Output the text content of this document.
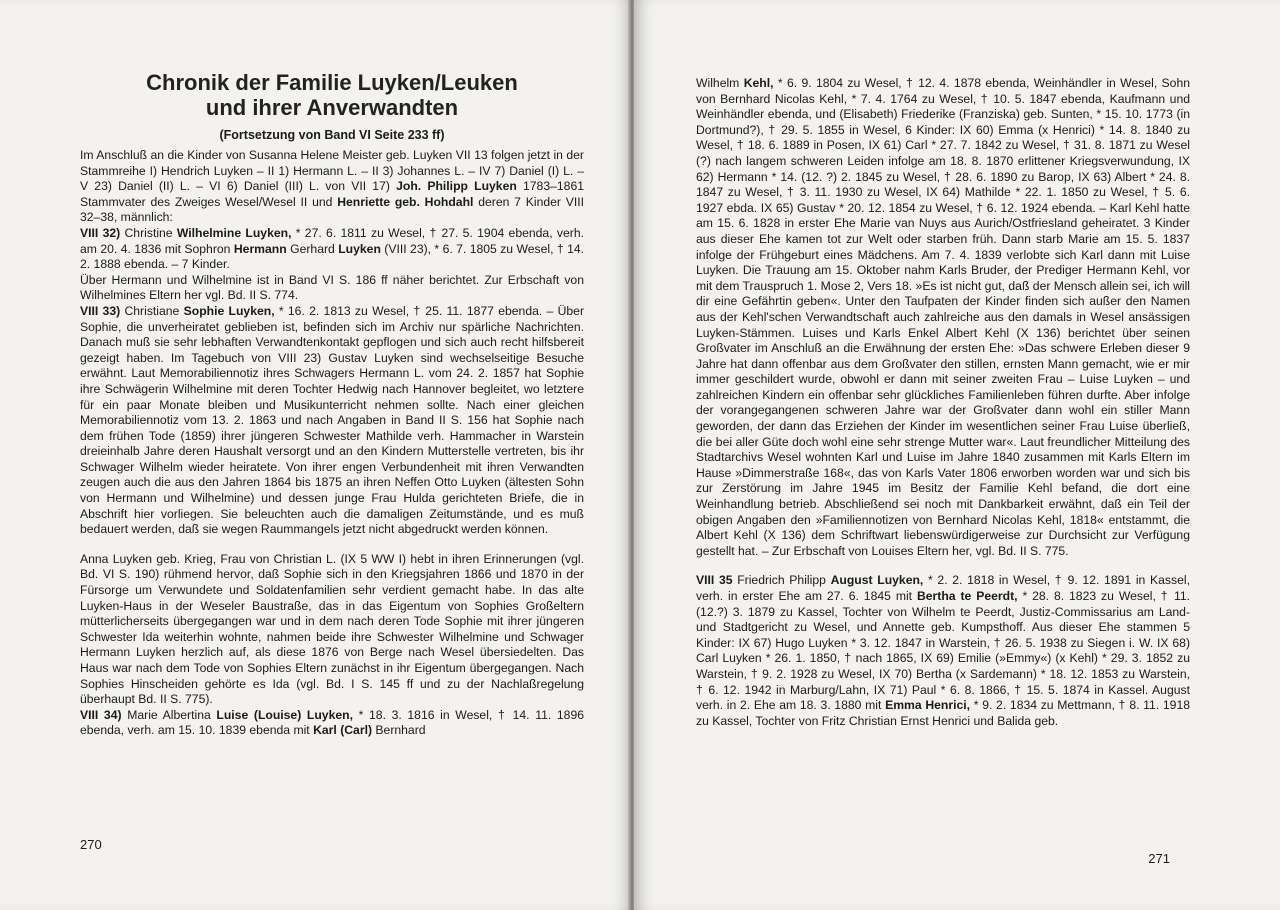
Chronik der Familie Luyken/Leuken
und ihrer Anverwandten
(Fortsetzung von Band VI Seite 233 ff)

Im Anschluß an die Kinder von Susanna Helene Meister geb. Luyken VII 13 folgen jetzt in der Stammreihe I) Hendrich Luyken – II 1) Hermann L. – II 3) Johannes L. – IV 7) Daniel (I) L. – V 23) Daniel (II) L. – VI 6) Daniel (III) L. von VII 17) Joh. Philipp Luyken 1783–1861 Stammvater des Zweiges Wesel/Wesel II und Henriette geb. Hohdahl deren 7 Kinder VIII 32–38, männlich:

VIII 32) Christine Wilhelmine Luyken, * 27. 6. 1811 zu Wesel, † 27. 5. 1904 ebenda, verh. am 20. 4. 1836 mit Sophron Hermann Gerhard Luyken (VIII 23), * 6. 7. 1805 zu Wesel, † 14. 2. 1888 ebenda. – 7 Kinder.

Über Hermann und Wilhelmine ist in Band VI S. 186 ff näher berichtet. Zur Erbschaft von Wilhelmines Eltern her vgl. Bd. II S. 774.

VIII 33) Christiane Sophie Luyken, * 16. 2. 1813 zu Wesel, † 25. 11. 1877 ebenda. – Über Sophie, die unverheiratet geblieben ist, befinden sich im Archiv nur spärliche Nachrichten. Danach muß sie sehr lebhaften Verwandtenkontakt gepflogen und sich auch recht hilfsbereit gezeigt haben. Im Tagebuch von VIII 23) Gustav Luyken sind wechselseitige Besuche erwähnt. Laut Memorabiliennotiz ihres Schwagers Hermann L. vom 24. 2. 1857 hat Sophie ihre Schwägerin Wilhelmine mit deren Tochter Hedwig nach Hannover begleitet, wo letztere für ein paar Monate bleiben und Musikunterricht nehmen sollte. Nach einer gleichen Memorabiliennotiz vom 13. 2. 1863 und nach Angaben in Band II S. 156 hat Sophie nach dem frühen Tode (1859) ihrer jüngeren Schwester Mathilde verh. Hammacher in Warstein dreieinhalb Jahre deren Haushalt versorgt und an den Kindern Mutterstelle vertreten, bis ihr Schwager Wilhelm wieder heiratete. Von ihrer engen Verbundenheit mit ihren Verwandten zeugen auch die aus den Jahren 1864 bis 1875 an ihren Neffen Otto Luyken (ältesten Sohn von Hermann und Wilhelmine) und dessen junge Frau Hulda gerichteten Briefe, die in Abschrift hier vorliegen. Sie beleuchten auch die damaligen Zeitumstände, und es muß bedauert werden, daß sie wegen Raummangels jetzt nicht abgedruckt werden können.

Anna Luyken geb. Krieg, Frau von Christian L. (IX 5 WW I) hebt in ihren Erinnerungen (vgl. Bd. VI S. 190) rühmend hervor, daß Sophie sich in den Kriegsjahren 1866 und 1870 in der Fürsorge um Verwundete und Soldatenfamilien sehr verdient gemacht habe. In das alte Luyken-Haus in der Weseler Baustraße, das in das Eigentum von Sophies Großeltern mütterlicherseits übergegangen war und in dem nach deren Tode Sophie mit ihrer jüngeren Schwester Ida weiterhin wohnte, nahmen beide ihre Schwester Wilhelmine und Schwager Hermann Luyken herzlich auf, als diese 1876 von Berge nach Wesel übersiedelten. Das Haus war nach dem Tode von Sophies Eltern zunächst in ihr Eigentum übergegangen. Nach Sophies Hinscheiden gehörte es Ida (vgl. Bd. I S. 145 ff und zu der Nachlaßregelung überhaupt Bd. II S. 775).

VIII 34) Marie Albertina Luise (Louise) Luyken, * 18. 3. 1816 in Wesel, † 14. 11. 1896 ebenda, verh. am 15. 10. 1839 ebenda mit Karl (Carl) Bernhard

270

Wilhelm Kehl, * 6. 9. 1804 zu Wesel, † 12. 4. 1878 ebenda, Weinhändler in Wesel, Sohn von Bernhard Nicolas Kehl, * 7. 4. 1764 zu Wesel, † 10. 5. 1847 ebenda, Kaufmann und Weinhändler ebenda, und (Elisabeth) Friederike (Franziska) geb. Sunten, * 15. 10. 1773 (in Dortmund?), † 29. 5. 1855 in Wesel, 6 Kinder: IX 60) Emma (x Henrici) * 14. 8. 1840 zu Wesel, † 18. 6. 1889 in Posen, IX 61) Carl * 27. 7. 1842 zu Wesel, † 31. 8. 1871 zu Wesel (?) nach langem schweren Leiden infolge am 18. 8. 1870 erlittener Kriegsverwundung, IX 62) Hermann * 14. (12. ?) 2. 1845 zu Wesel, † 28. 6. 1890 zu Barop, IX 63) Albert * 24. 8. 1847 zu Wesel, † 3. 11. 1930 zu Wesel, IX 64) Mathilde * 22. 1. 1850 zu Wesel, † 5. 6. 1927 ebda. IX 65) Gustav * 20. 12. 1854 zu Wesel, † 6. 12. 1924 ebenda. – Karl Kehl hatte am 15. 6. 1828 in erster Ehe Marie van Nuys aus Aurich/Ostfriesland geheiratet. 3 Kinder aus dieser Ehe kamen tot zur Welt oder starben früh. Dann starb Marie am 15. 5. 1837 infolge der Frühgeburt eines Mädchens. Am 7. 4. 1839 verlobte sich Karl dann mit Luise Luyken. Die Trauung am 15. Oktober nahm Karls Bruder, der Prediger Hermann Kehl, vor mit dem Trauspruch 1. Mose 2, Vers 18. »Es ist nicht gut, daß der Mensch allein sei, ich will dir eine Gefährtin geben«. Unter den Taufpaten der Kinder finden sich außer den Namen aus der Kehl'schen Verwandtschaft auch zahlreiche aus den damals in Wesel ansässigen Luyken-Stämmen. Luises und Karls Enkel Albert Kehl (X 136) berichtet über seinen Großvater im Anschluß an die Erwähnung der ersten Ehe: »Das schwere Erleben dieser 9 Jahre hat dann offenbar aus dem Großvater den stillen, ernsten Mann gemacht, wie er mir immer geschildert wurde, obwohl er dann mit seiner zweiten Frau – Luise Luyken – und zahlreichen Kindern ein offenbar sehr glückliches Familienleben führen durfte. Aber infolge der vorangegangenen schweren Jahre war der Großvater dann wohl ein stiller Mann geworden, der dann das Erziehen der Kinder im wesentlichen seiner Frau Luise überließ, die bei aller Güte doch wohl eine sehr strenge Mutter war«. Laut freundlicher Mitteilung des Stadtarchivs Wesel wohnten Karl und Luise im Jahre 1840 zusammen mit Karls Eltern im Hause »Dimmerstraße 168«, das von Karls Vater 1806 erworben worden war und sich bis zur Zerstörung im Jahre 1945 im Besitz der Familie Kehl befand, die dort eine Weinhandlung betrieb. Abschließend sei noch mit Dankbarkeit erwähnt, daß ein Teil der obigen Angaben den »Familiennotizen von Bernhard Nicolas Kehl, 1818« entstammt, die Albert Kehl (X 136) dem Schriftwart liebenswürdigerweise zur Durchsicht zur Verfügung gestellt hat. – Zur Erbschaft von Louises Eltern her, vgl. Bd. II S. 775.

VIII 35 Friedrich Philipp August Luyken, * 2. 2. 1818 in Wesel, † 9. 12. 1891 in Kassel, verh. in erster Ehe am 27. 6. 1845 mit Bertha te Peerdt, * 28. 8. 1823 zu Wesel, † 11. (12.?) 3. 1879 zu Kassel, Tochter von Wilhelm te Peerdt, Justiz-Commissarius am Land- und Stadtgericht zu Wesel, und Annette geb. Kumpsthoff. Aus dieser Ehe stammen 5 Kinder: IX 67) Hugo Luyken * 3. 12. 1847 in Warstein, † 26. 5. 1938 zu Siegen i. W. IX 68) Carl Luyken * 26. 1. 1850, † nach 1865, IX 69) Emilie (»Emmy«) (x Kehl) * 29. 3. 1852 zu Warstein, † 9. 2. 1928 zu Wesel, IX 70) Bertha (x Sardemann) * 18. 12. 1853 zu Warstein, † 6. 12. 1942 in Marburg/Lahn, IX 71) Paul * 6. 8. 1866, † 15. 5. 1874 in Kassel. August verh. in 2. Ehe am 18. 3. 1880 mit Emma Henrici, * 9. 2. 1834 zu Mettmann, † 8. 11. 1918 zu Kassel, Tochter von Fritz Christian Ernst Henrici und Balida geb.

271
